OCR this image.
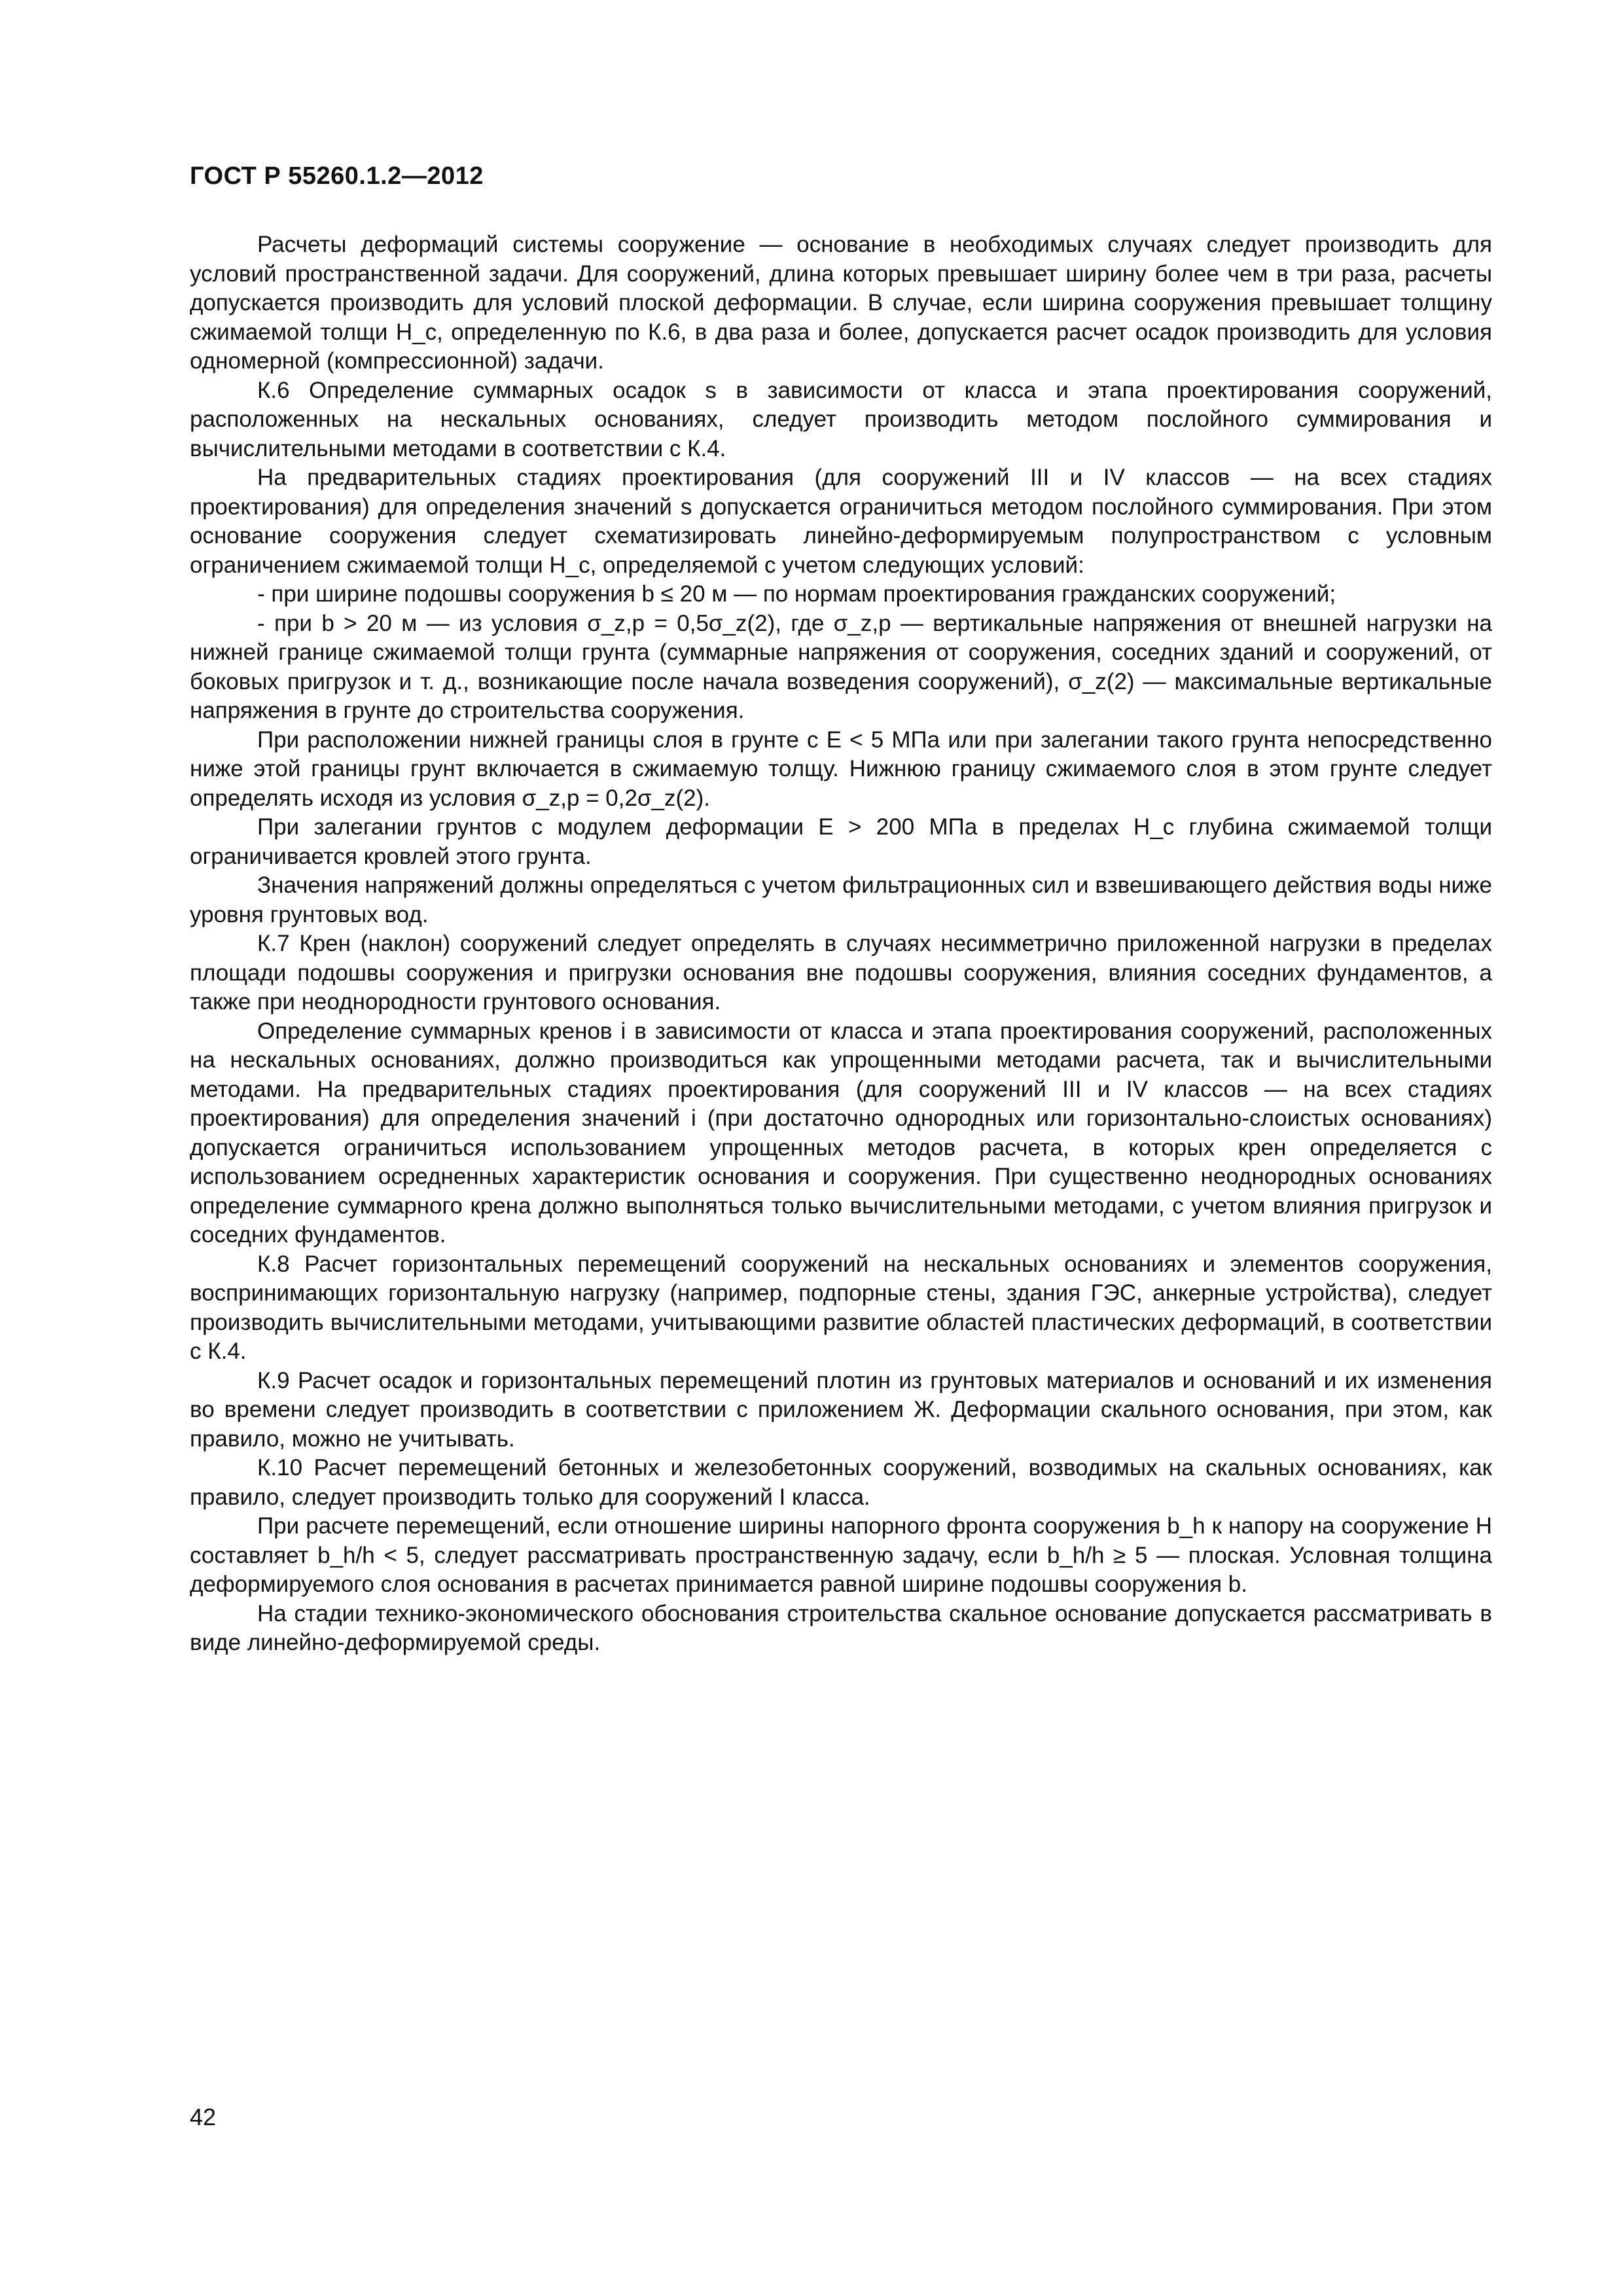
ГОСТ Р 55260.1.2—2012

Расчеты деформаций системы сооружение — основание в необходимых случаях следует производить для условий пространственной задачи. Для сооружений, длина которых превышает ширину более чем в три раза, расчеты допускается производить для условий плоской деформации. В случае, если ширина сооружения превышает толщину сжимаемой толщи H_c, определенную по К.6, в два раза и более, допускается расчет осадок производить для условия одномерной (компрессионной) задачи.

К.6 Определение суммарных осадок s в зависимости от класса и этапа проектирования сооружений, расположенных на нескальных основаниях, следует производить методом послойного суммирования и вычислительными методами в соответствии с К.4.

На предварительных стадиях проектирования (для сооружений III и IV классов — на всех стадиях проектирования) для определения значений s допускается ограничиться методом послойного суммирования. При этом основание сооружения следует схематизировать линейно-деформируемым полупространством с условным ограничением сжимаемой толщи H_c, определяемой с учетом следующих условий:

- при ширине подошвы сооружения b ≤ 20 м — по нормам проектирования гражданских сооружений;

- при b > 20 м — из условия σ_z,p = 0,5σ_z(2), где σ_z,p — вертикальные напряжения от внешней нагрузки на нижней границе сжимаемой толщи грунта (суммарные напряжения от сооружения, соседних зданий и сооружений, от боковых пригрузок и т. д., возникающие после начала возведения сооружений), σ_z(2) — максимальные вертикальные напряжения в грунте до строительства сооружения.

При расположении нижней границы слоя в грунте с E < 5 МПа или при залегании такого грунта непосредственно ниже этой границы грунт включается в сжимаемую толщу. Нижнюю границу сжимаемого слоя в этом грунте следует определять исходя из условия σ_z,p = 0,2σ_z(2).

При залегании грунтов с модулем деформации E > 200 МПа в пределах H_c глубина сжимаемой толщи ограничивается кровлей этого грунта.

Значения напряжений должны определяться с учетом фильтрационных сил и взвешивающего действия воды ниже уровня грунтовых вод.

К.7 Крен (наклон) сооружений следует определять в случаях несимметрично приложенной нагрузки в пределах площади подошвы сооружения и пригрузки основания вне подошвы сооружения, влияния соседних фундаментов, а также при неоднородности грунтового основания.

Определение суммарных кренов i в зависимости от класса и этапа проектирования сооружений, расположенных на нескальных основаниях, должно производиться как упрощенными методами расчета, так и вычислительными методами. На предварительных стадиях проектирования (для сооружений III и IV классов — на всех стадиях проектирования) для определения значений i (при достаточно однородных или горизонтально-слоистых основаниях) допускается ограничиться использованием упрощенных методов расчета, в которых крен определяется с использованием осредненных характеристик основания и сооружения. При существенно неоднородных основаниях определение суммарного крена должно выполняться только вычислительными методами, с учетом влияния пригрузок и соседних фундаментов.

К.8 Расчет горизонтальных перемещений сооружений на нескальных основаниях и элементов сооружения, воспринимающих горизонтальную нагрузку (например, подпорные стены, здания ГЭС, анкерные устройства), следует производить вычислительными методами, учитывающими развитие областей пластических деформаций, в соответствии с К.4.

К.9 Расчет осадок и горизонтальных перемещений плотин из грунтовых материалов и оснований и их изменения во времени следует производить в соответствии с приложением Ж. Деформации скального основания, при этом, как правило, можно не учитывать.

К.10 Расчет перемещений бетонных и железобетонных сооружений, возводимых на скальных основаниях, как правило, следует производить только для сооружений I класса.

При расчете перемещений, если отношение ширины напорного фронта сооружения b_h к напору на сооружение H составляет b_h/h < 5, следует рассматривать пространственную задачу, если b_h/h ≥ 5 — плоская. Условная толщина деформируемого слоя основания в расчетах принимается равной ширине подошвы сооружения b.

На стадии технико-экономического обоснования строительства скальное основание допускается рассматривать в виде линейно-деформируемой среды.

42
